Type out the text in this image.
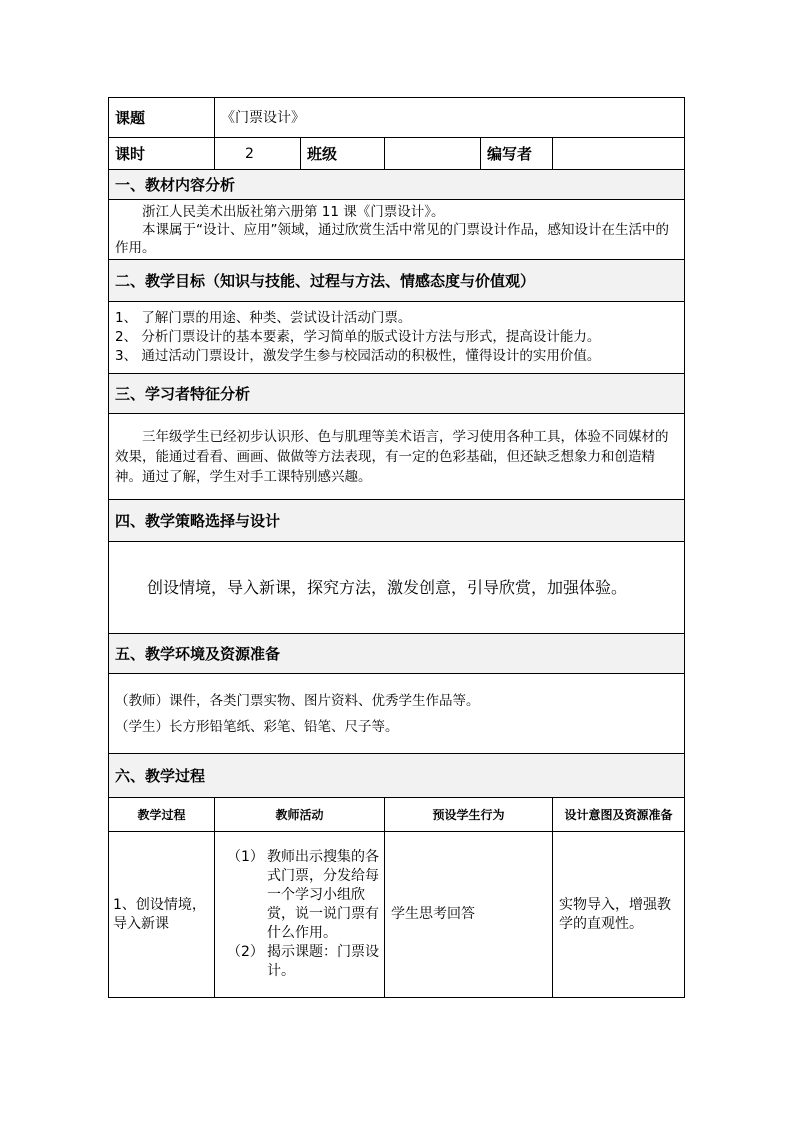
课题	《门票设计》				
课时	2	班级		编写者	
一、教材内容分析					

浙江人民美术出版社第六册第 11 课《门票设计》。
本课属于“设计、应用”领域，通过欣赏生活中常见的门票设计作品，感知设计在生活中的作用。					

二、教学目标（知识与技能、过程与方法、情感态度与价值观）					

1、 了解门票的用途、种类、尝试设计活动门票。
2、 分析门票设计的基本要素，学习简单的版式设计方法与形式，提高设计能力。
3、 通过活动门票设计，激发学生参与校园活动的积极性，懂得设计的实用价值。					

三、学习者特征分析					

三年级学生已经初步认识形、色与肌理等美术语言，学习使用各种工具，体验不同媒材的效果，能通过看看、画画、做做等方法表现，有一定的色彩基础，但还缺乏想象力和创造精神。通过了解，学生对手工课特别感兴趣。					

四、教学策略选择与设计					

创设情境，导入新课，探究方法，激发创意，引导欣赏，加强体验。					

五、教学环境及资源准备					

（教师）课件，各类门票实物、图片资料、优秀学生作品等。
（学生）长方形铅笔纸、彩笔、铅笔、尺子等。					

六、教学过程					
教学过程	教师活动		预设学生行为		设计意图及资源准备
1、创设情境，导入新课	（1） 教师出示搜集的各式门票，分发给每一个学习小组欣赏，说一说门票有什么作用。
（2） 揭示课题：门票设计。		学生思考回答		实物导入，增强教学的直观性。
